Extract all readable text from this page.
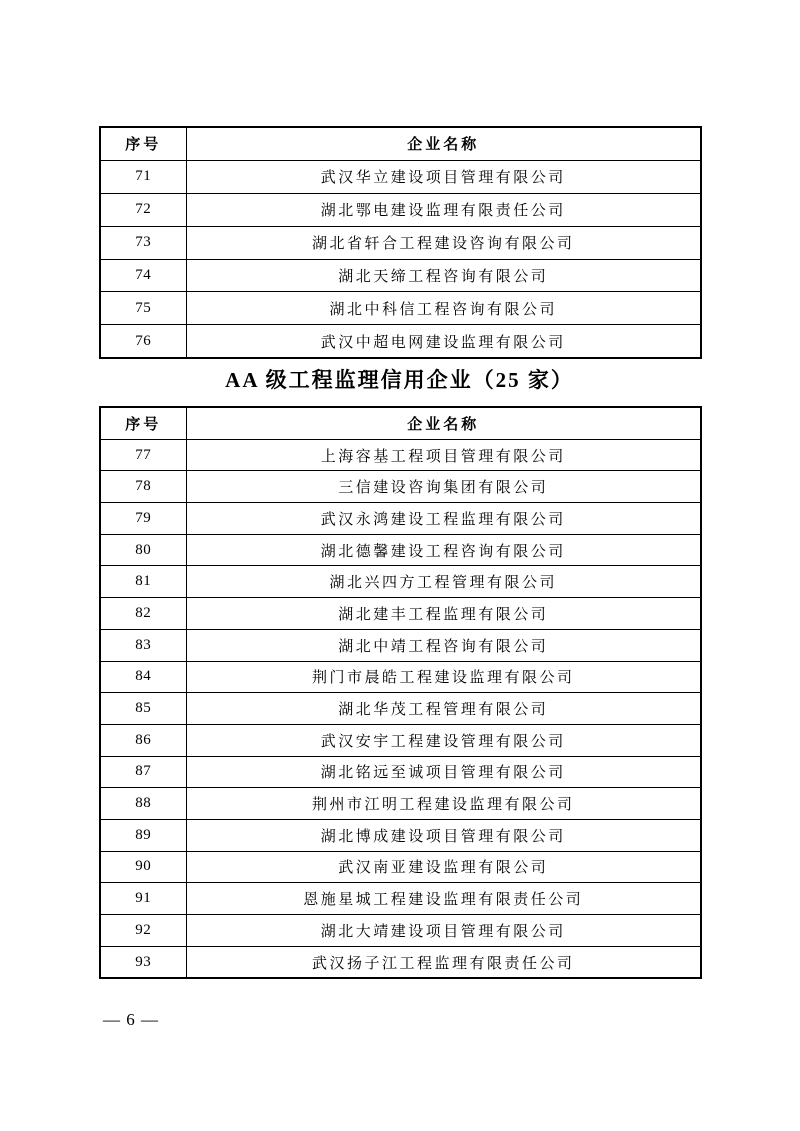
序号	企业名称
71	武汉华立建设项目管理有限公司
72	湖北鄂电建设监理有限责任公司
73	湖北省轩合工程建设咨询有限公司
74	湖北天缔工程咨询有限公司
75	湖北中科信工程咨询有限公司
76	武汉中超电网建设监理有限公司
AA 级工程监理信用企业（25 家）
序号	企业名称
77	上海容基工程项目管理有限公司
78	三信建设咨询集团有限公司
79	武汉永鸿建设工程监理有限公司
80	湖北德馨建设工程咨询有限公司
81	湖北兴四方工程管理有限公司
82	湖北建丰工程监理有限公司
83	湖北中靖工程咨询有限公司
84	荆门市晨皓工程建设监理有限公司
85	湖北华茂工程管理有限公司
86	武汉安宇工程建设管理有限公司
87	湖北铭远至诚项目管理有限公司
88	荆州市江明工程建设监理有限公司
89	湖北博成建设项目管理有限公司
90	武汉南亚建设监理有限公司
91	恩施星城工程建设监理有限责任公司
92	湖北大靖建设项目管理有限公司
93	武汉扬子江工程监理有限责任公司
— 6 —
